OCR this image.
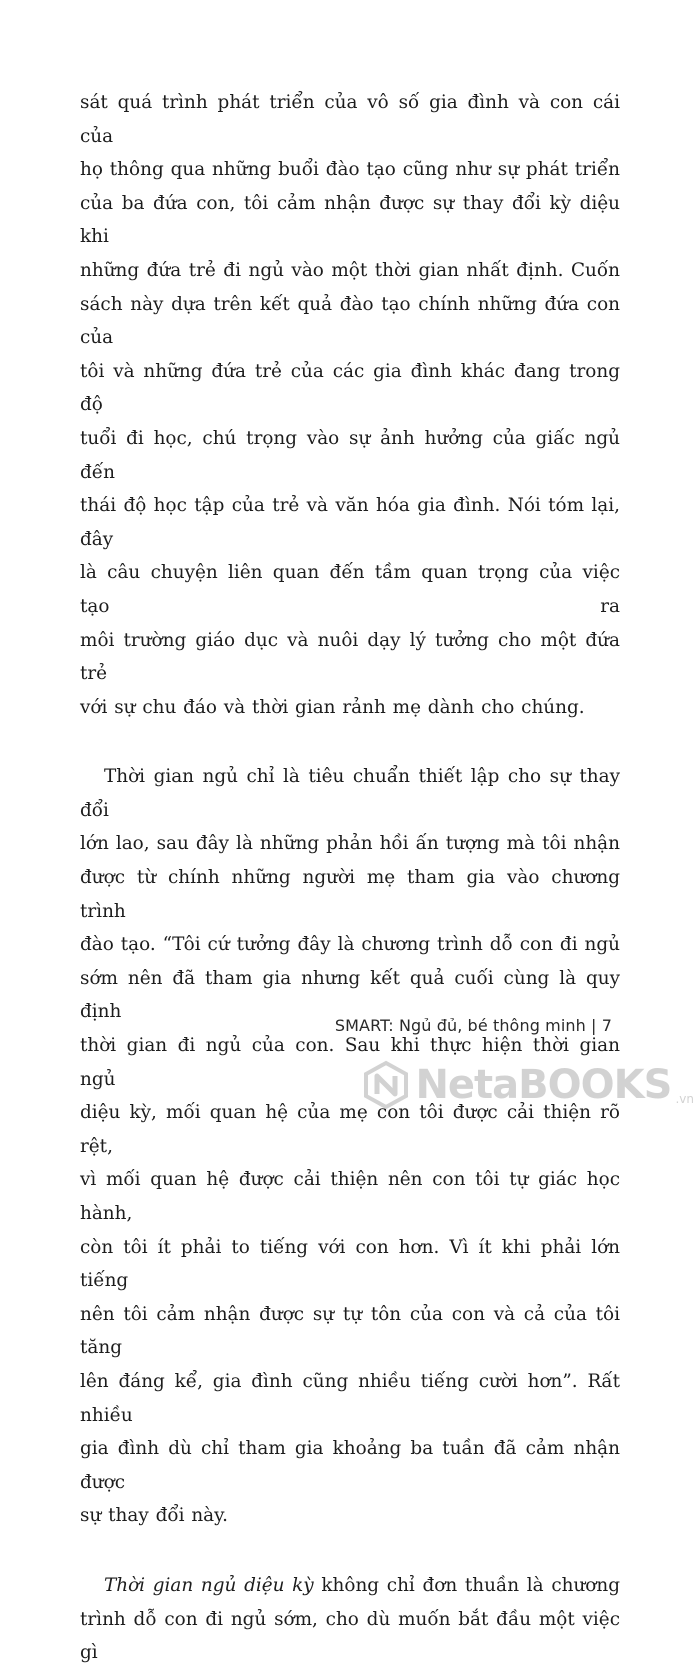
sát quá trình phát triển của vô số gia đình và con cái của
họ thông qua những buổi đào tạo cũng như sự phát triển
của ba đứa con, tôi cảm nhận được sự thay đổi kỳ diệu khi
những đứa trẻ đi ngủ vào một thời gian nhất định. Cuốn
sách này dựa trên kết quả đào tạo chính những đứa con của
tôi và những đứa trẻ của các gia đình khác đang trong độ
tuổi đi học, chú trọng vào sự ảnh hưởng của giấc ngủ đến
thái độ học tập của trẻ và văn hóa gia đình. Nói tóm lại, đây
là câu chuyện liên quan đến tầm quan trọng của việc tạo ra
môi trường giáo dục và nuôi dạy lý tưởng cho một đứa trẻ
với sự chu đáo và thời gian rảnh mẹ dành cho chúng.

Thời gian ngủ chỉ là tiêu chuẩn thiết lập cho sự thay đổi
lớn lao, sau đây là những phản hồi ấn tượng mà tôi nhận
được từ chính những người mẹ tham gia vào chương trình
đào tạo. “Tôi cứ tưởng đây là chương trình dỗ con đi ngủ
sớm nên đã tham gia nhưng kết quả cuối cùng là quy định
thời gian đi ngủ của con. Sau khi thực hiện thời gian ngủ
diệu kỳ, mối quan hệ của mẹ con tôi được cải thiện rõ rệt,
vì mối quan hệ được cải thiện nên con tôi tự giác học hành,
còn tôi ít phải to tiếng với con hơn. Vì ít khi phải lớn tiếng
nên tôi cảm nhận được sự tự tôn của con và cả của tôi tăng
lên đáng kể, gia đình cũng nhiều tiếng cười hơn”. Rất nhiều
gia đình dù chỉ tham gia khoảng ba tuần đã cảm nhận được
sự thay đổi này.

Thời gian ngủ diệu kỳ không chỉ đơn thuần là chương
trình dỗ con đi ngủ sớm, cho dù muốn bắt đầu một việc gì

SMART: Ngủ đủ, bé thông minh | 7
NetaBOOKS .vn
